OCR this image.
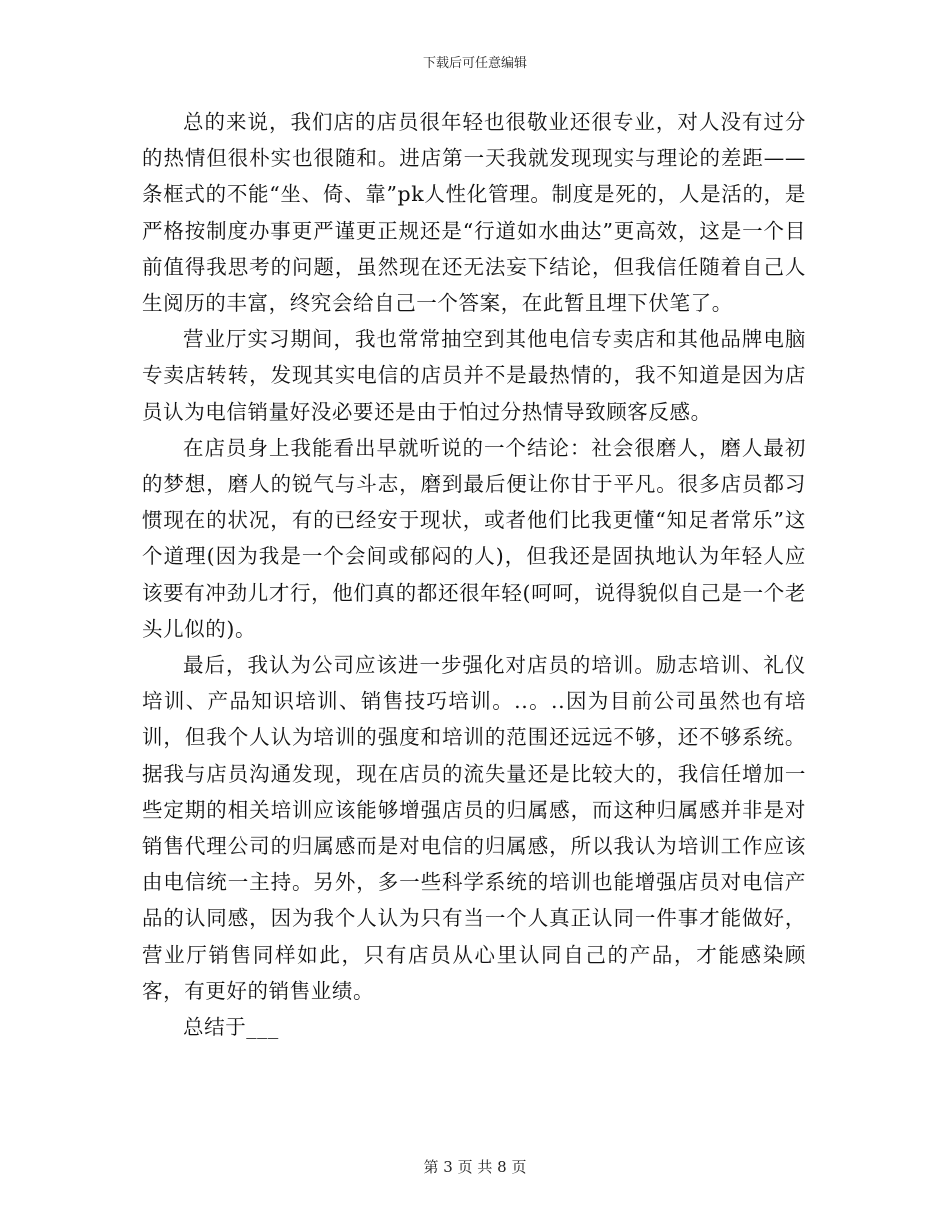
下载后可任意编辑

总的来说，我们店的店员很年轻也很敬业还很专业，对人没有过分的热情但很朴实也很随和。进店第一天我就发现现实与理论的差距——条框式的不能“坐、倚、靠”pk人性化管理。制度是死的，人是活的，是严格按制度办事更严谨更正规还是“行道如水曲达”更高效，这是一个目前值得我思考的问题，虽然现在还无法妄下结论，但我信任随着自己人生阅历的丰富，终究会给自己一个答案，在此暂且埋下伏笔了。

营业厅实习期间，我也常常抽空到其他电信专卖店和其他品牌电脑专卖店转转，发现其实电信的店员并不是最热情的，我不知道是因为店员认为电信销量好没必要还是由于怕过分热情导致顾客反感。

在店员身上我能看出早就听说的一个结论：社会很磨人，磨人最初的梦想，磨人的锐气与斗志，磨到最后便让你甘于平凡。很多店员都习惯现在的状况，有的已经安于现状，或者他们比我更懂“知足者常乐”这个道理(因为我是一个会间或郁闷的人)，但我还是固执地认为年轻人应该要有冲劲儿才行，他们真的都还很年轻(呵呵，说得貌似自己是一个老头儿似的)。

最后，我认为公司应该进一步强化对店员的培训。励志培训、礼仪培训、产品知识培训、销售技巧培训。..。..因为目前公司虽然也有培训，但我个人认为培训的强度和培训的范围还远远不够，还不够系统。据我与店员沟通发现，现在店员的流失量还是比较大的，我信任增加一些定期的相关培训应该能够增强店员的归属感，而这种归属感并非是对销售代理公司的归属感而是对电信的归属感，所以我认为培训工作应该由电信统一主持。另外，多一些科学系统的培训也能增强店员对电信产品的认同感，因为我个人认为只有当一个人真正认同一件事才能做好，营业厅销售同样如此，只有店员从心里认同自己的产品，才能感染顾客，有更好的销售业绩。

总结于___

第 3 页 共 8 页
